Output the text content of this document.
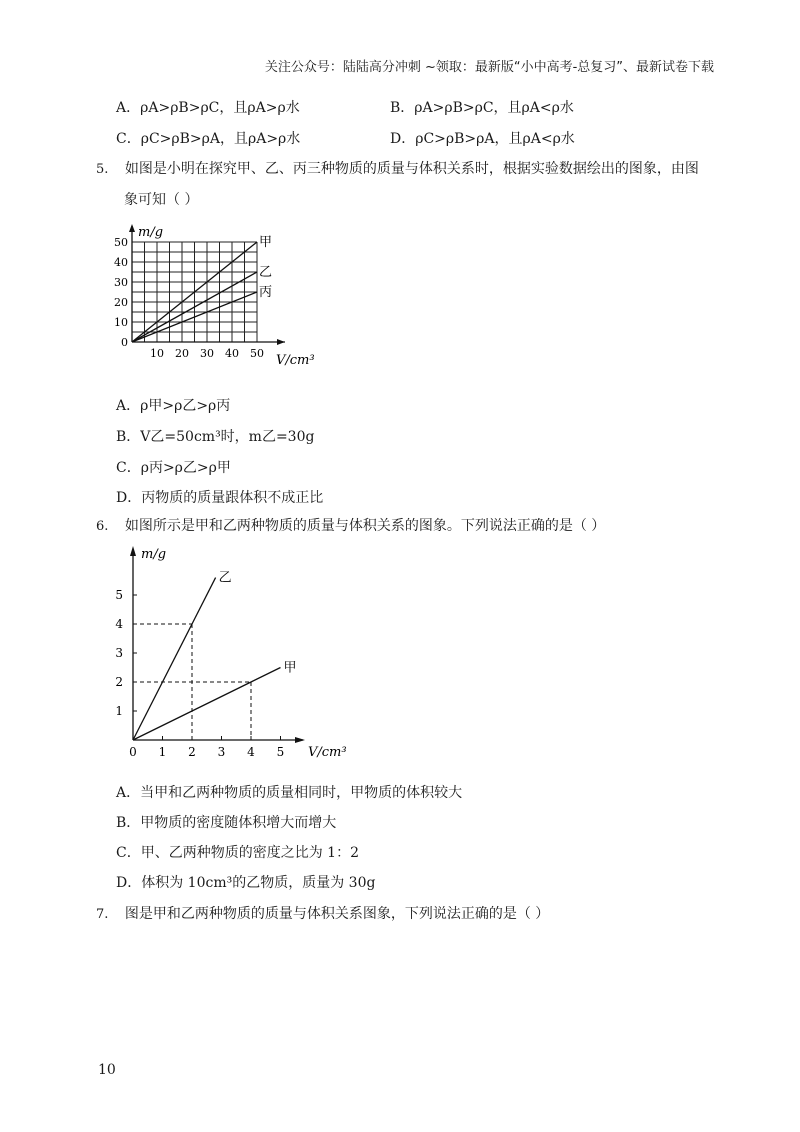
关注公众号：陆陆高分冲刺 ~领取：最新版“小中高考-总复习”、最新试卷下载
A．ρA>ρB>ρC，且ρA>ρ水	B．ρA>ρB>ρC，且ρA<ρ水
C．ρC>ρB>ρA，且ρA>ρ水	D．ρC>ρB>ρA，且ρA<ρ水
5. 如图是小明在探究甲、乙、丙三种物质的质量与体积关系时，根据实验数据绘出的图象，由图
象可知（ ）
甲
乙
丙
0
10
20
30
40
50
10 20 30 40 50
m/g
V/cm³
A．ρ甲>ρ乙>ρ丙
B．V乙=50cm³时，m乙=30g
C．ρ丙>ρ乙>ρ甲
D．丙物质的质量跟体积不成正比
6. 如图所示是甲和乙两种物质的质量与体积关系的图象。下列说法正确的是（ ）
乙
甲
1
2
3
4
5
0 1 2 3 4 5
m/g
V/cm³
A．当甲和乙两种物质的质量相同时，甲物质的体积较大
B．甲物质的密度随体积增大而增大
C．甲、乙两种物质的密度之比为 1：2
D．体积为 10cm³的乙物质，质量为 30g
7. 图是甲和乙两种物质的质量与体积关系图象，下列说法正确的是（ ）
10
